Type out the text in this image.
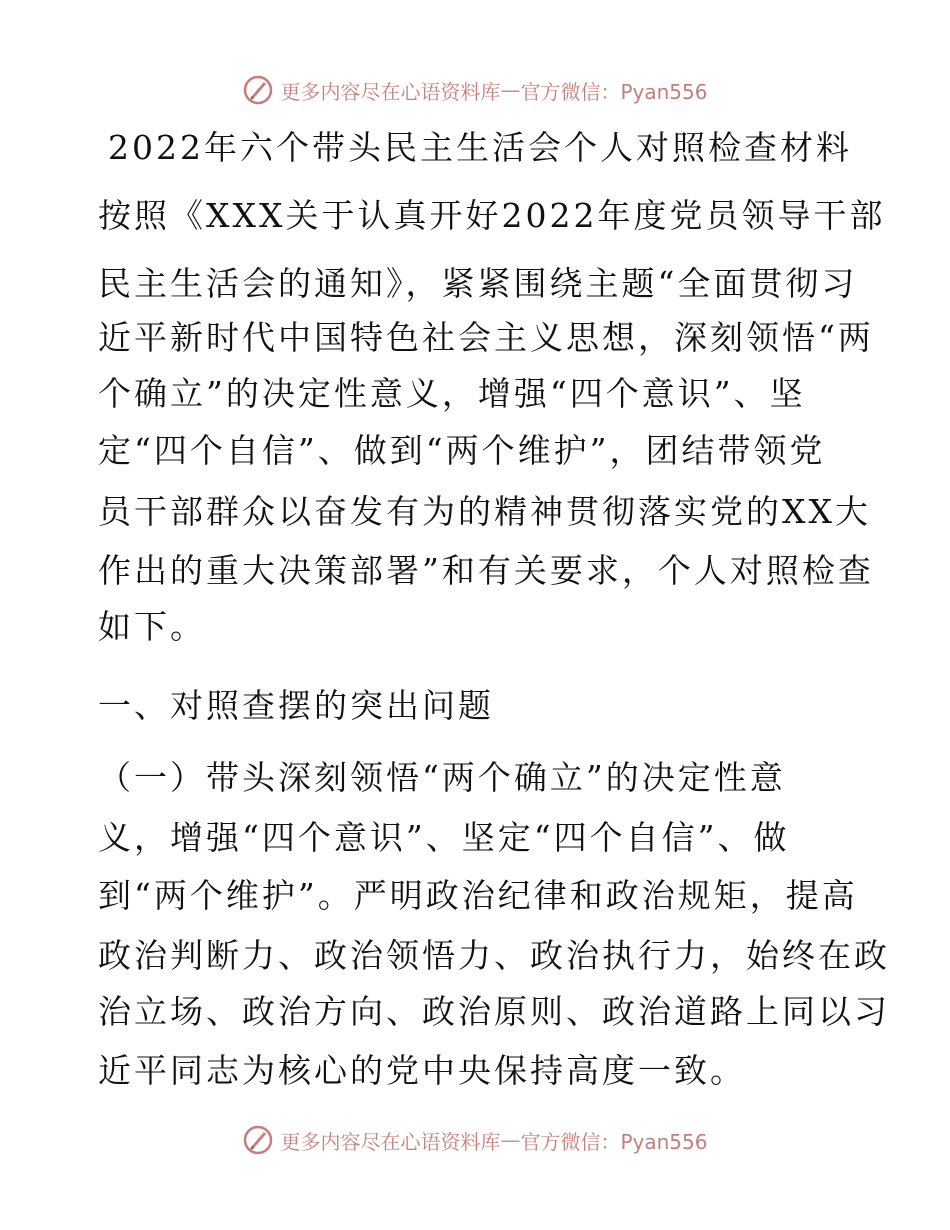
更多内容尽在心语资料库 — 官方微信：Pyan556
2022年六个带头民主生活会个人对照检查材料
按照《XXX关于认真开好2022年度党员领导干部
民主生活会的通知》，紧紧围绕主题“全面贯彻习
近平新时代中国特色社会主义思想，深刻领悟“两
个确立”的决定性意义，增强“四个意识”、坚
定“四个自信”、做到“两个维护”，团结带领党
员干部群众以奋发有为的精神贯彻落实党的XX大
作出的重大决策部署”和有关要求，个人对照检查
如下。
一、对照查摆的突出问题
（一）带头深刻领悟“两个确立”的决定性意
义，增强“四个意识”、坚定“四个自信”、做
到“两个维护”。严明政治纪律和政治规矩，提高
政治判断力、政治领悟力、政治执行力，始终在政
治立场、政治方向、政治原则、政治道路上同以习
近平同志为核心的党中央保持高度一致。
更多内容尽在心语资料库 — 官方微信：Pyan556
